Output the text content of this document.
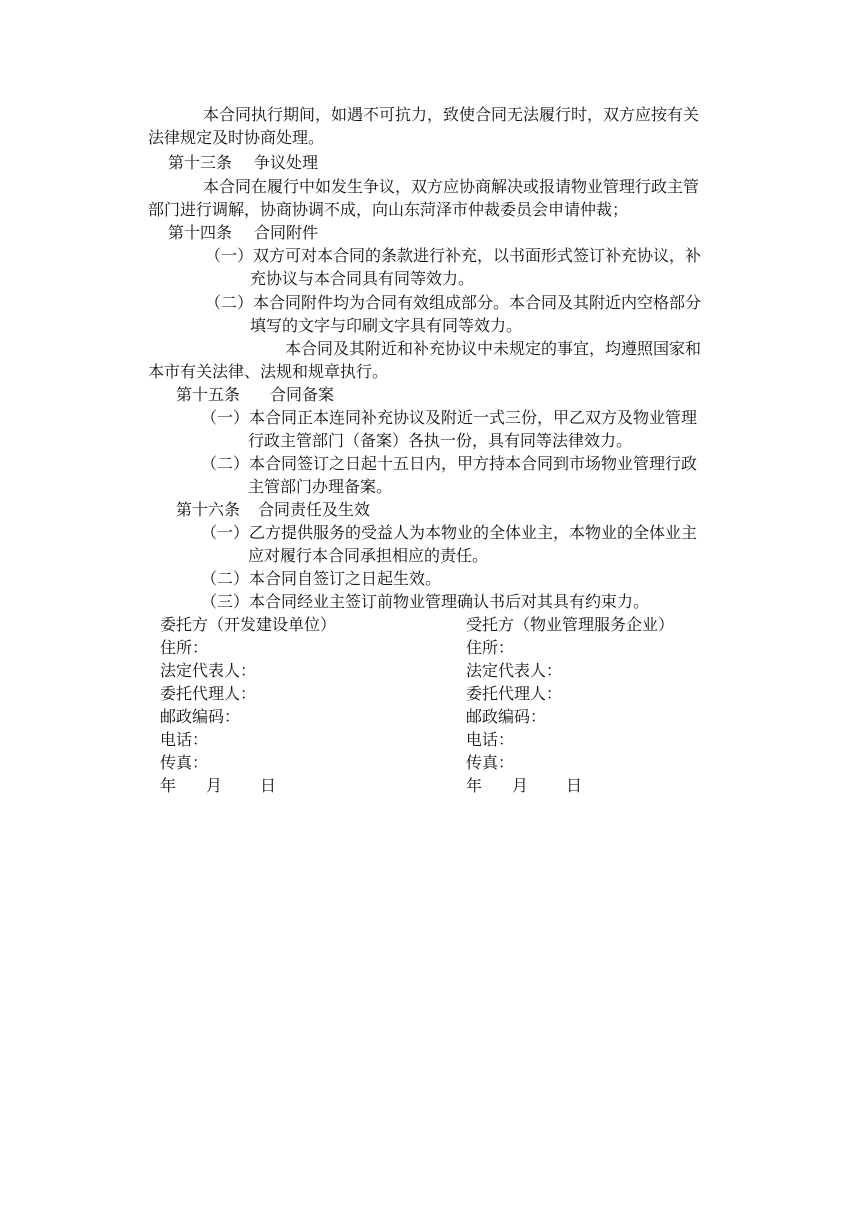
本合同执行期间，如遇不可抗力，致使合同无法履行时，双方应按有关
法律规定及时协商处理。
第十三条 争议处理
本合同在履行中如发生争议，双方应协商解决或报请物业管理行政主管
部门进行调解，协商协调不成，向山东菏泽市仲裁委员会申请仲裁；
第十四条 合同附件
（一）双方可对本合同的条款进行补充，以书面形式签订补充协议，补
充协议与本合同具有同等效力。
（二）本合同附件均为合同有效组成部分。本合同及其附近内空格部分
填写的文字与印刷文字具有同等效力。
本合同及其附近和补充协议中未规定的事宜，均遵照国家和
本市有关法律、法规和规章执行。
第十五条 合同备案
（一）本合同正本连同补充协议及附近一式三份，甲乙双方及物业管理
行政主管部门（备案）各执一份，具有同等法律效力。
（二）本合同签订之日起十五日内，甲方持本合同到市场物业管理行政
主管部门办理备案。
第十六条 合同责任及生效
（一）乙方提供服务的受益人为本物业的全体业主，本物业的全体业主
应对履行本合同承担相应的责任。
（二）本合同自签订之日起生效。
（三）本合同经业主签订前物业管理确认书后对其具有约束力。
委托方（开发建设单位）
住所：
法定代表人：
委托代理人：
邮政编码：
电话：
传真：
年 月 日
受托方（物业管理服务企业）
住所：
法定代表人：
委托代理人：
邮政编码：
电话：
传真：
年 月 日
